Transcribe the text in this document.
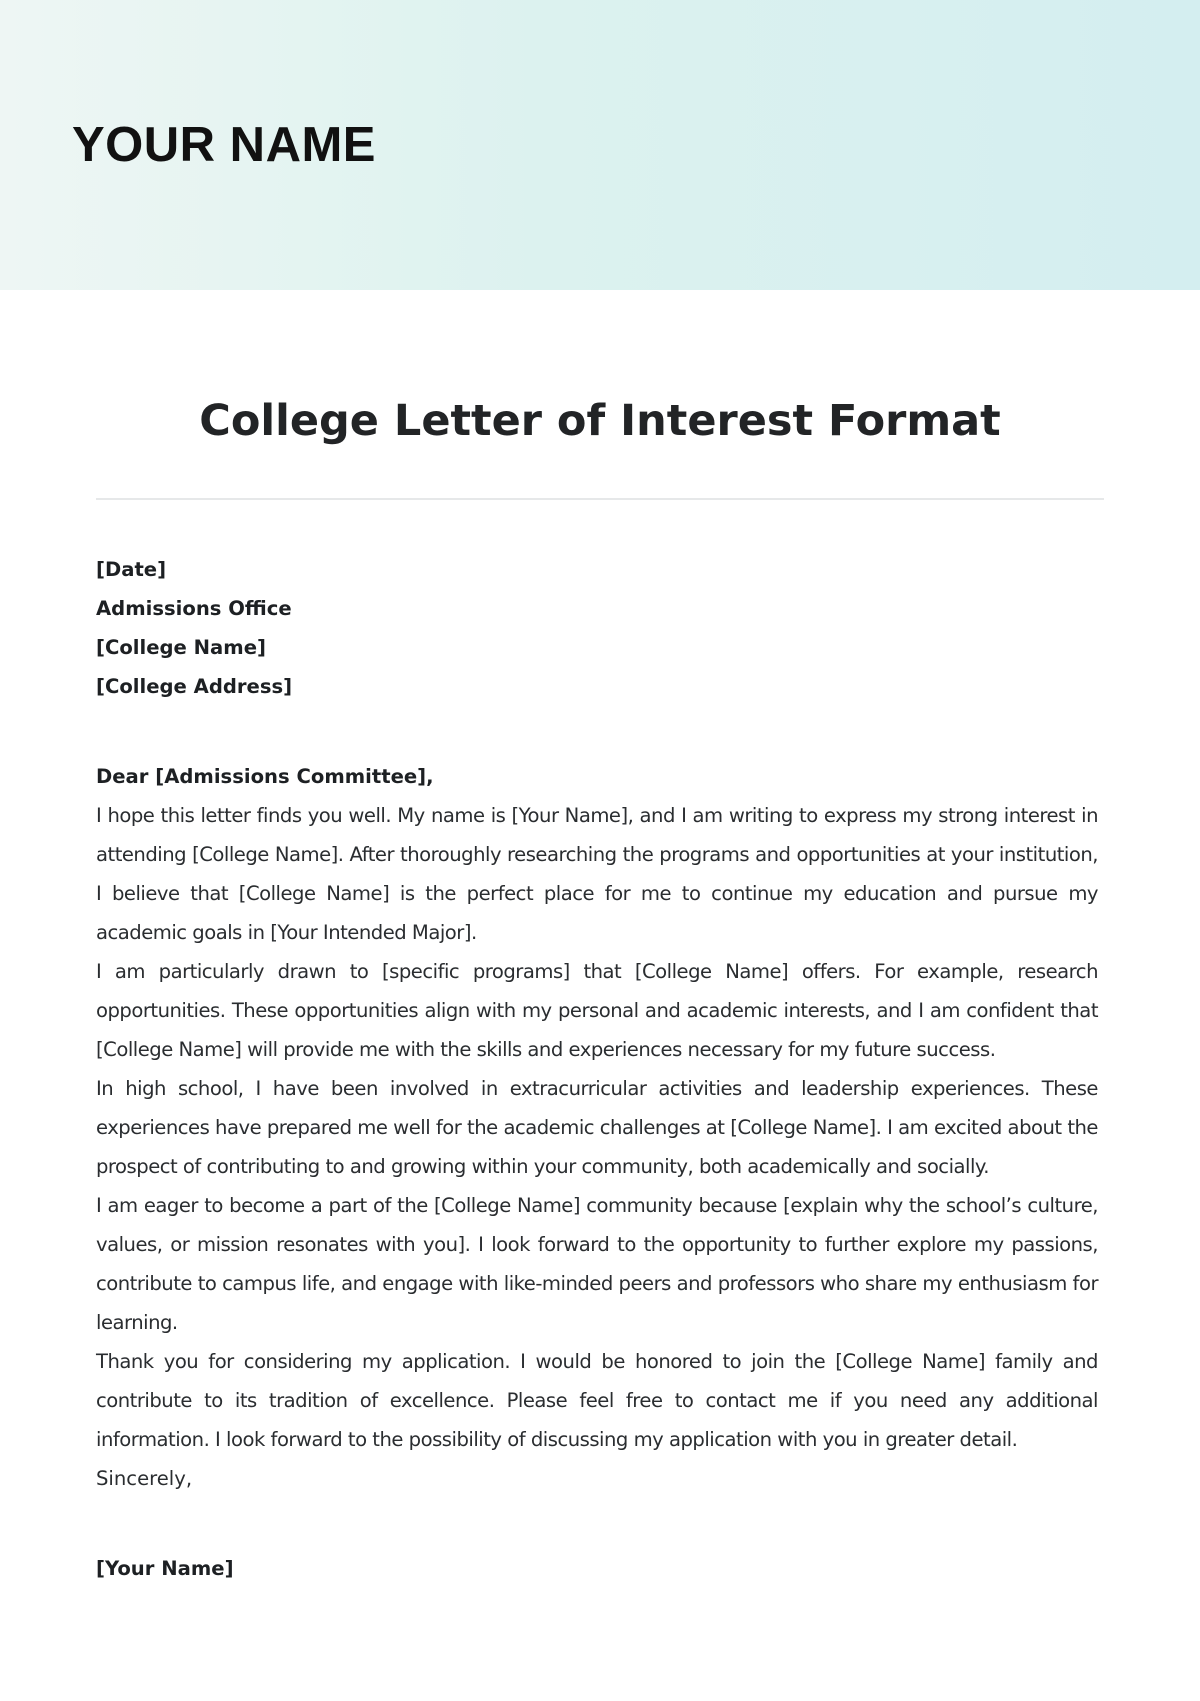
YOUR NAME
College Letter of Interest Format
[Date]
Admissions Office
[College Name]
[College Address]
Dear [Admissions Committee],

I hope this letter finds you well. My name is [Your Name], and I am writing to express my strong interest in attending [College Name]. After thoroughly researching the programs and opportunities at your institution, I believe that [College Name] is the perfect place for me to continue my education and pursue my academic goals in [Your Intended Major].

I am particularly drawn to [specific programs] that [College Name] offers. For example, research opportunities. These opportunities align with my personal and academic interests, and I am confident that [College Name] will provide me with the skills and experiences necessary for my future success.

In high school, I have been involved in extracurricular activities and leadership experiences. These experiences have prepared me well for the academic challenges at [College Name]. I am excited about the prospect of contributing to and growing within your community, both academically and socially.

I am eager to become a part of the [College Name] community because [explain why the school’s culture, values, or mission resonates with you]. I look forward to the opportunity to further explore my passions, contribute to campus life, and engage with like-minded peers and professors who share my enthusiasm for learning.

Thank you for considering my application. I would be honored to join the [College Name] family and contribute to its tradition of excellence. Please feel free to contact me if you need any additional information. I look forward to the possibility of discussing my application with you in greater detail.

Sincerely,

[Your Name]
